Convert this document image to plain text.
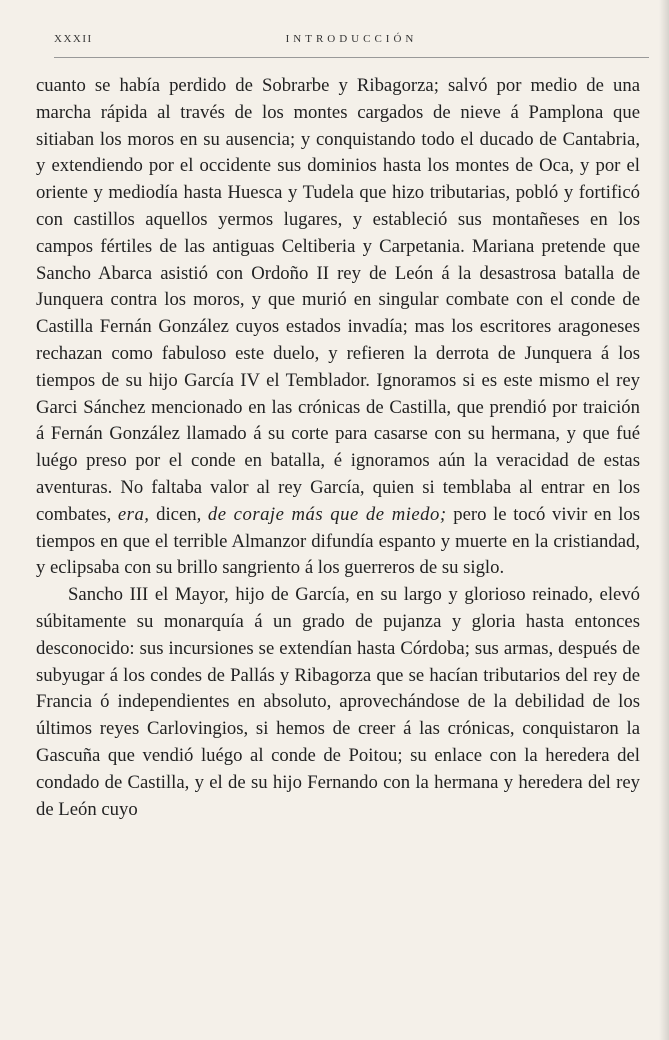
XXXII	INTRODUCCIÓN

cuanto se había perdido de Sobrarbe y Ribagorza; salvó por medio de una marcha rápida al través de los montes cargados de nieve á Pamplona que sitiaban los moros en su ausencia; y conquistando todo el ducado de Cantabria, y extendiendo por el occidente sus dominios hasta los montes de Oca, y por el oriente y mediodía hasta Huesca y Tudela que hizo tributarias, pobló y fortificó con castillos aquellos yermos lugares, y estableció sus montañeses en los campos fértiles de las antiguas Celtiberia y Carpetania. Mariana pretende que Sancho Abarca asistió con Ordoño II rey de León á la desastrosa batalla de Junquera contra los moros, y que murió en singular combate con el conde de Castilla Fernán González cuyos estados invadía; mas los escritores aragoneses rechazan como fabuloso este duelo, y refieren la derrota de Junquera á los tiempos de su hijo García IV el Temblador. Ignoramos si es este mismo el rey Garci Sánchez mencionado en las crónicas de Castilla, que prendió por traición á Fernán González llamado á su corte para casarse con su hermana, y que fué luégo preso por el conde en batalla, é ignoramos aún la veracidad de estas aventuras. No faltaba valor al rey García, quien si temblaba al entrar en los combates, era, dicen, de coraje más que de miedo; pero le tocó vivir en los tiempos en que el terrible Almanzor difundía espanto y muerte en la cristiandad, y eclipsaba con su brillo sangriento á los guerreros de su siglo.

Sancho III el Mayor, hijo de García, en su largo y glorioso reinado, elevó súbitamente su monarquía á un grado de pujanza y gloria hasta entonces desconocido: sus incursiones se extendían hasta Córdoba; sus armas, después de subyugar á los condes de Pallás y Ribagorza que se hacían tributarios del rey de Francia ó independientes en absoluto, aprovechándose de la debilidad de los últimos reyes Carlovingios, si hemos de creer á las crónicas, conquistaron la Gascuña que vendió luégo al conde de Poitou; su enlace con la heredera del condado de Castilla, y el de su hijo Fernando con la hermana y heredera del rey de León cuyo
